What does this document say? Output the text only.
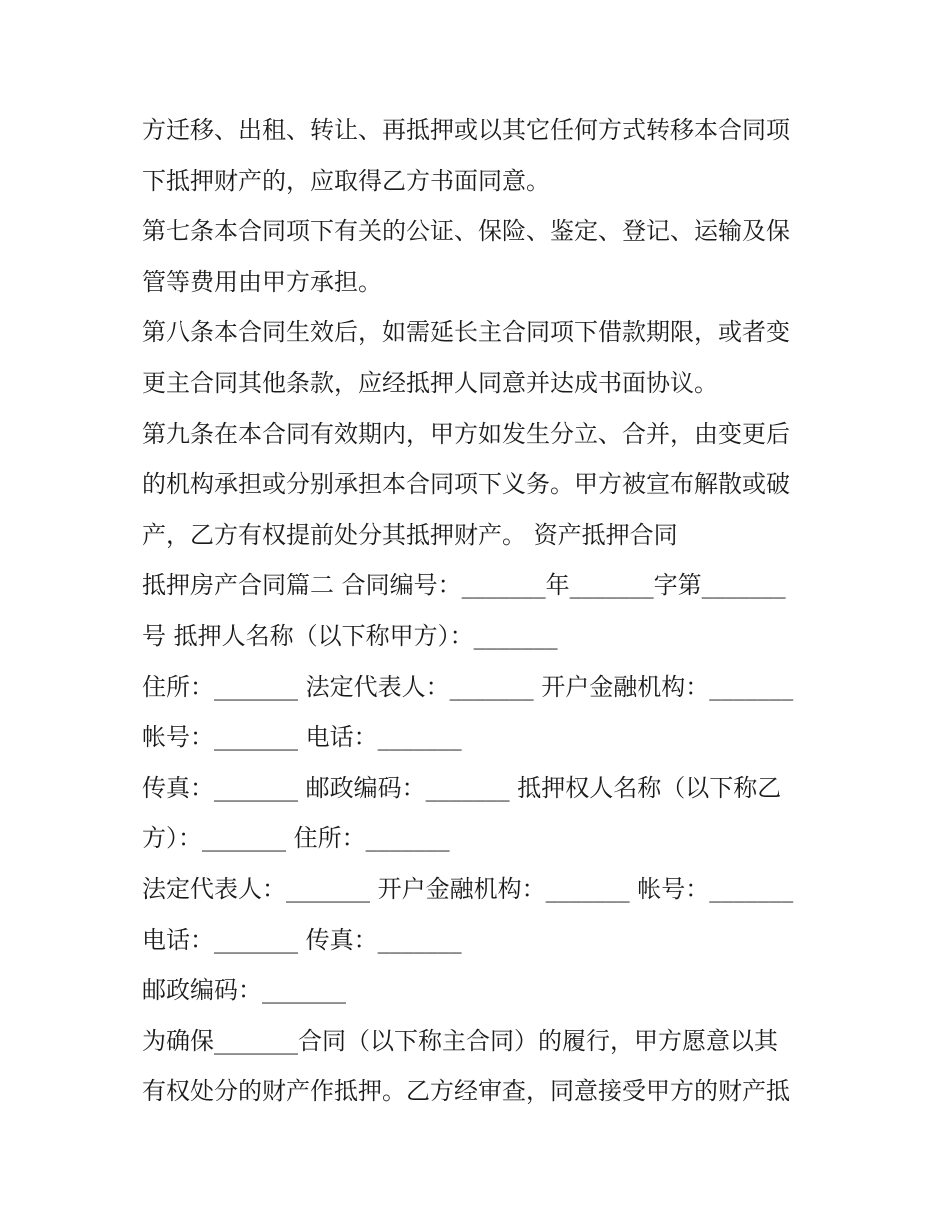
方迁移、出租、转让、再抵押或以其它任何方式转移本合同项
下抵押财产的，应取得乙方书面同意。
第七条本合同项下有关的公证、保险、鉴定、登记、运输及保
管等费用由甲方承担。
第八条本合同生效后，如需延长主合同项下借款期限，或者变
更主合同其他条款，应经抵押人同意并达成书面协议。
第九条在本合同有效期内，甲方如发生分立、合并，由变更后
的机构承担或分别承担本合同项下义务。甲方被宣布解散或破
产，乙方有权提前处分其抵押财产。 资产抵押合同
抵押房产合同篇二 合同编号：_______年_______字第_______
号 抵押人名称（以下称甲方）：_______
住所：_______ 法定代表人：_______ 开户金融机构：_______
帐号：_______ 电话：_______
传真：_______ 邮政编码：_______ 抵押权人名称（以下称乙
方）：_______ 住所：_______
法定代表人：_______ 开户金融机构：_______ 帐号：_______
电话：_______ 传真：_______
邮政编码：_______
为确保_______合同（以下称主合同）的履行，甲方愿意以其
有权处分的财产作抵押。乙方经审查，同意接受甲方的财产抵
